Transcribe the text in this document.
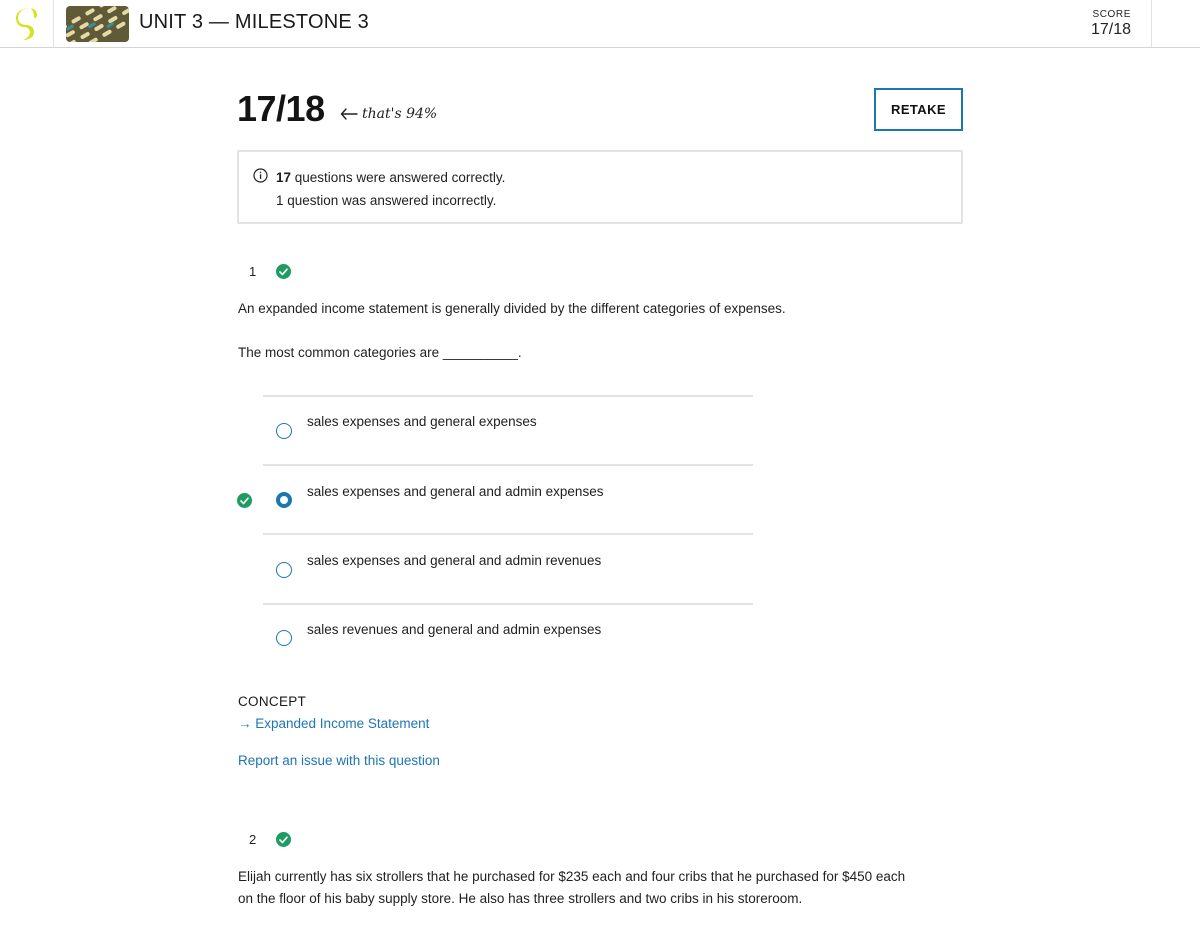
UNIT 3 — MILESTONE 3	SCORE
17/18
17/18	that's 94%	RETAKE
17 questions were answered correctly.
1 question was answered incorrectly.
1
An expanded income statement is generally divided by the different categories of expenses.
The most common categories are __________.
sales expenses and general expenses
sales expenses and general and admin expenses
sales expenses and general and admin revenues
sales revenues and general and admin expenses
CONCEPT
→ Expanded Income Statement
Report an issue with this question
2
Elijah currently has six strollers that he purchased for $235 each and four cribs that he purchased for $450 each
on the floor of his baby supply store. He also has three strollers and two cribs in his storeroom.
